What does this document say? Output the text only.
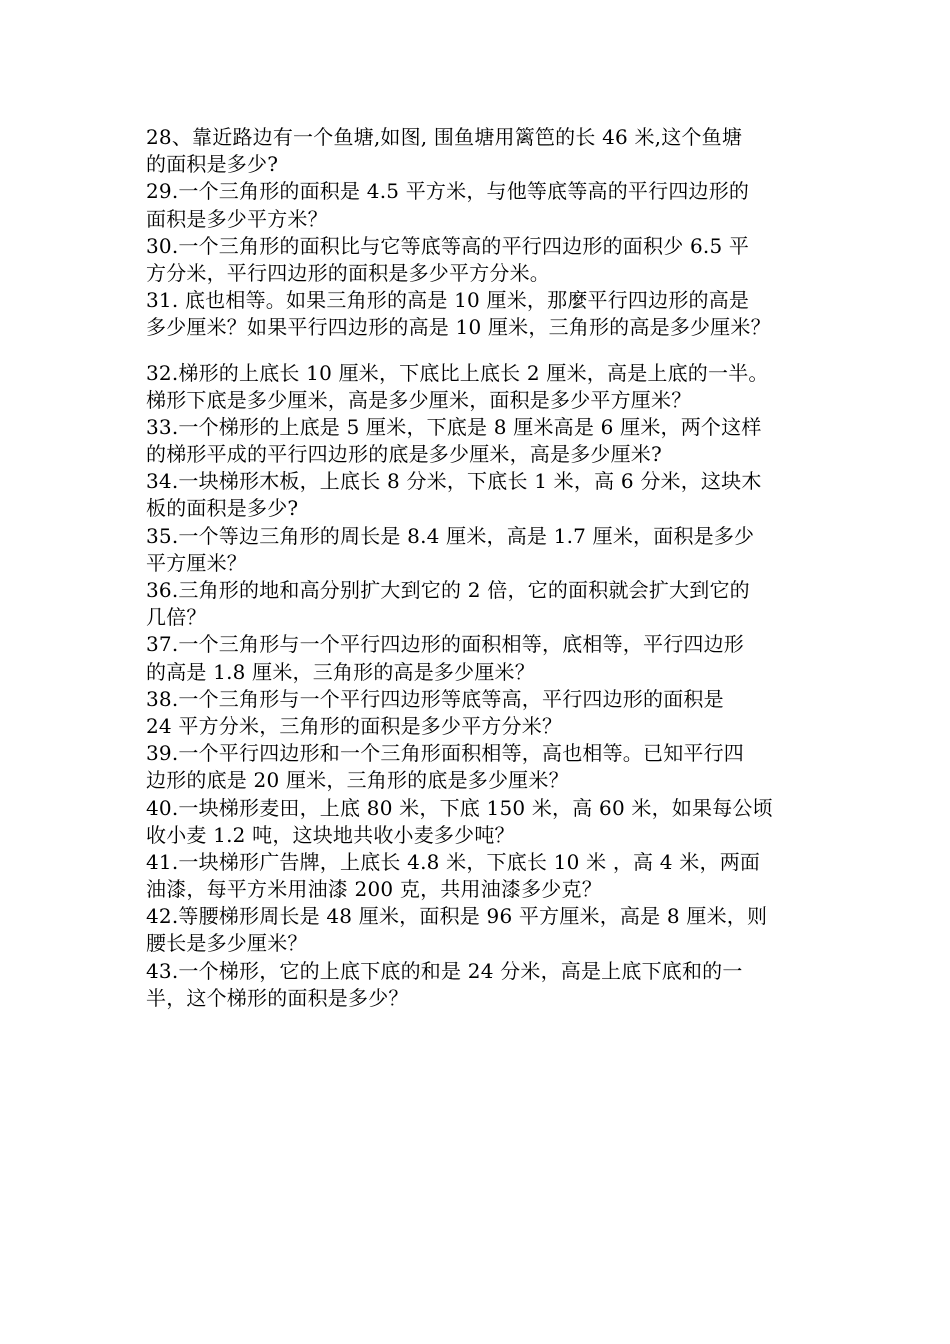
28、靠近路边有一个鱼塘,如图, 围鱼塘用篱笆的长 46 米,这个鱼塘
的面积是多少?
29.一个三角形的面积是 4.5 平方米，与他等底等高的平行四边形的
面积是多少平方米？
30.一个三角形的面积比与它等底等高的平行四边形的面积少 6.5 平
方分米，平行四边形的面积是多少平方分米。
31. 底也相等。如果三角形的高是 10 厘米，那麼平行四边形的高是
多少厘米？如果平行四边形的高是 10 厘米，三角形的高是多少厘米？
32.梯形的上底长 10 厘米，下底比上底长 2 厘米，高是上底的一半。
梯形下底是多少厘米，高是多少厘米，面积是多少平方厘米？
33.一个梯形的上底是 5 厘米，下底是 8 厘米高是 6 厘米，两个这样
的梯形平成的平行四边形的底是多少厘米，高是多少厘米?
34.一块梯形木板，上底长 8 分米，下底长 1 米，高 6 分米，这块木
板的面积是多少?
35.一个等边三角形的周长是 8.4 厘米，高是 1.7 厘米，面积是多少
平方厘米？
36.三角形的地和高分别扩大到它的 2 倍，它的面积就会扩大到它的
几倍？
37.一个三角形与一个平行四边形的面积相等，底相等，平行四边形
的高是 1.8 厘米，三角形的高是多少厘米？
38.一个三角形与一个平行四边形等底等高，平行四边形的面积是
24 平方分米，三角形的面积是多少平方分米？
39.一个平行四边形和一个三角形面积相等，高也相等。已知平行四
边形的底是 20 厘米，三角形的底是多少厘米？
40.一块梯形麦田，上底 80 米，下底 150 米，高 60 米，如果每公顷
收小麦 1.2 吨，这块地共收小麦多少吨？
41.一块梯形广告牌，上底长 4.8 米，下底长 10 米 ，高 4 米，两面
油漆，每平方米用油漆 200 克，共用油漆多少克？
42.等腰梯形周长是 48 厘米，面积是 96 平方厘米，高是 8 厘米，则
腰长是多少厘米？
43.一个梯形，它的上底下底的和是 24 分米，高是上底下底和的一
半，这个梯形的面积是多少？
